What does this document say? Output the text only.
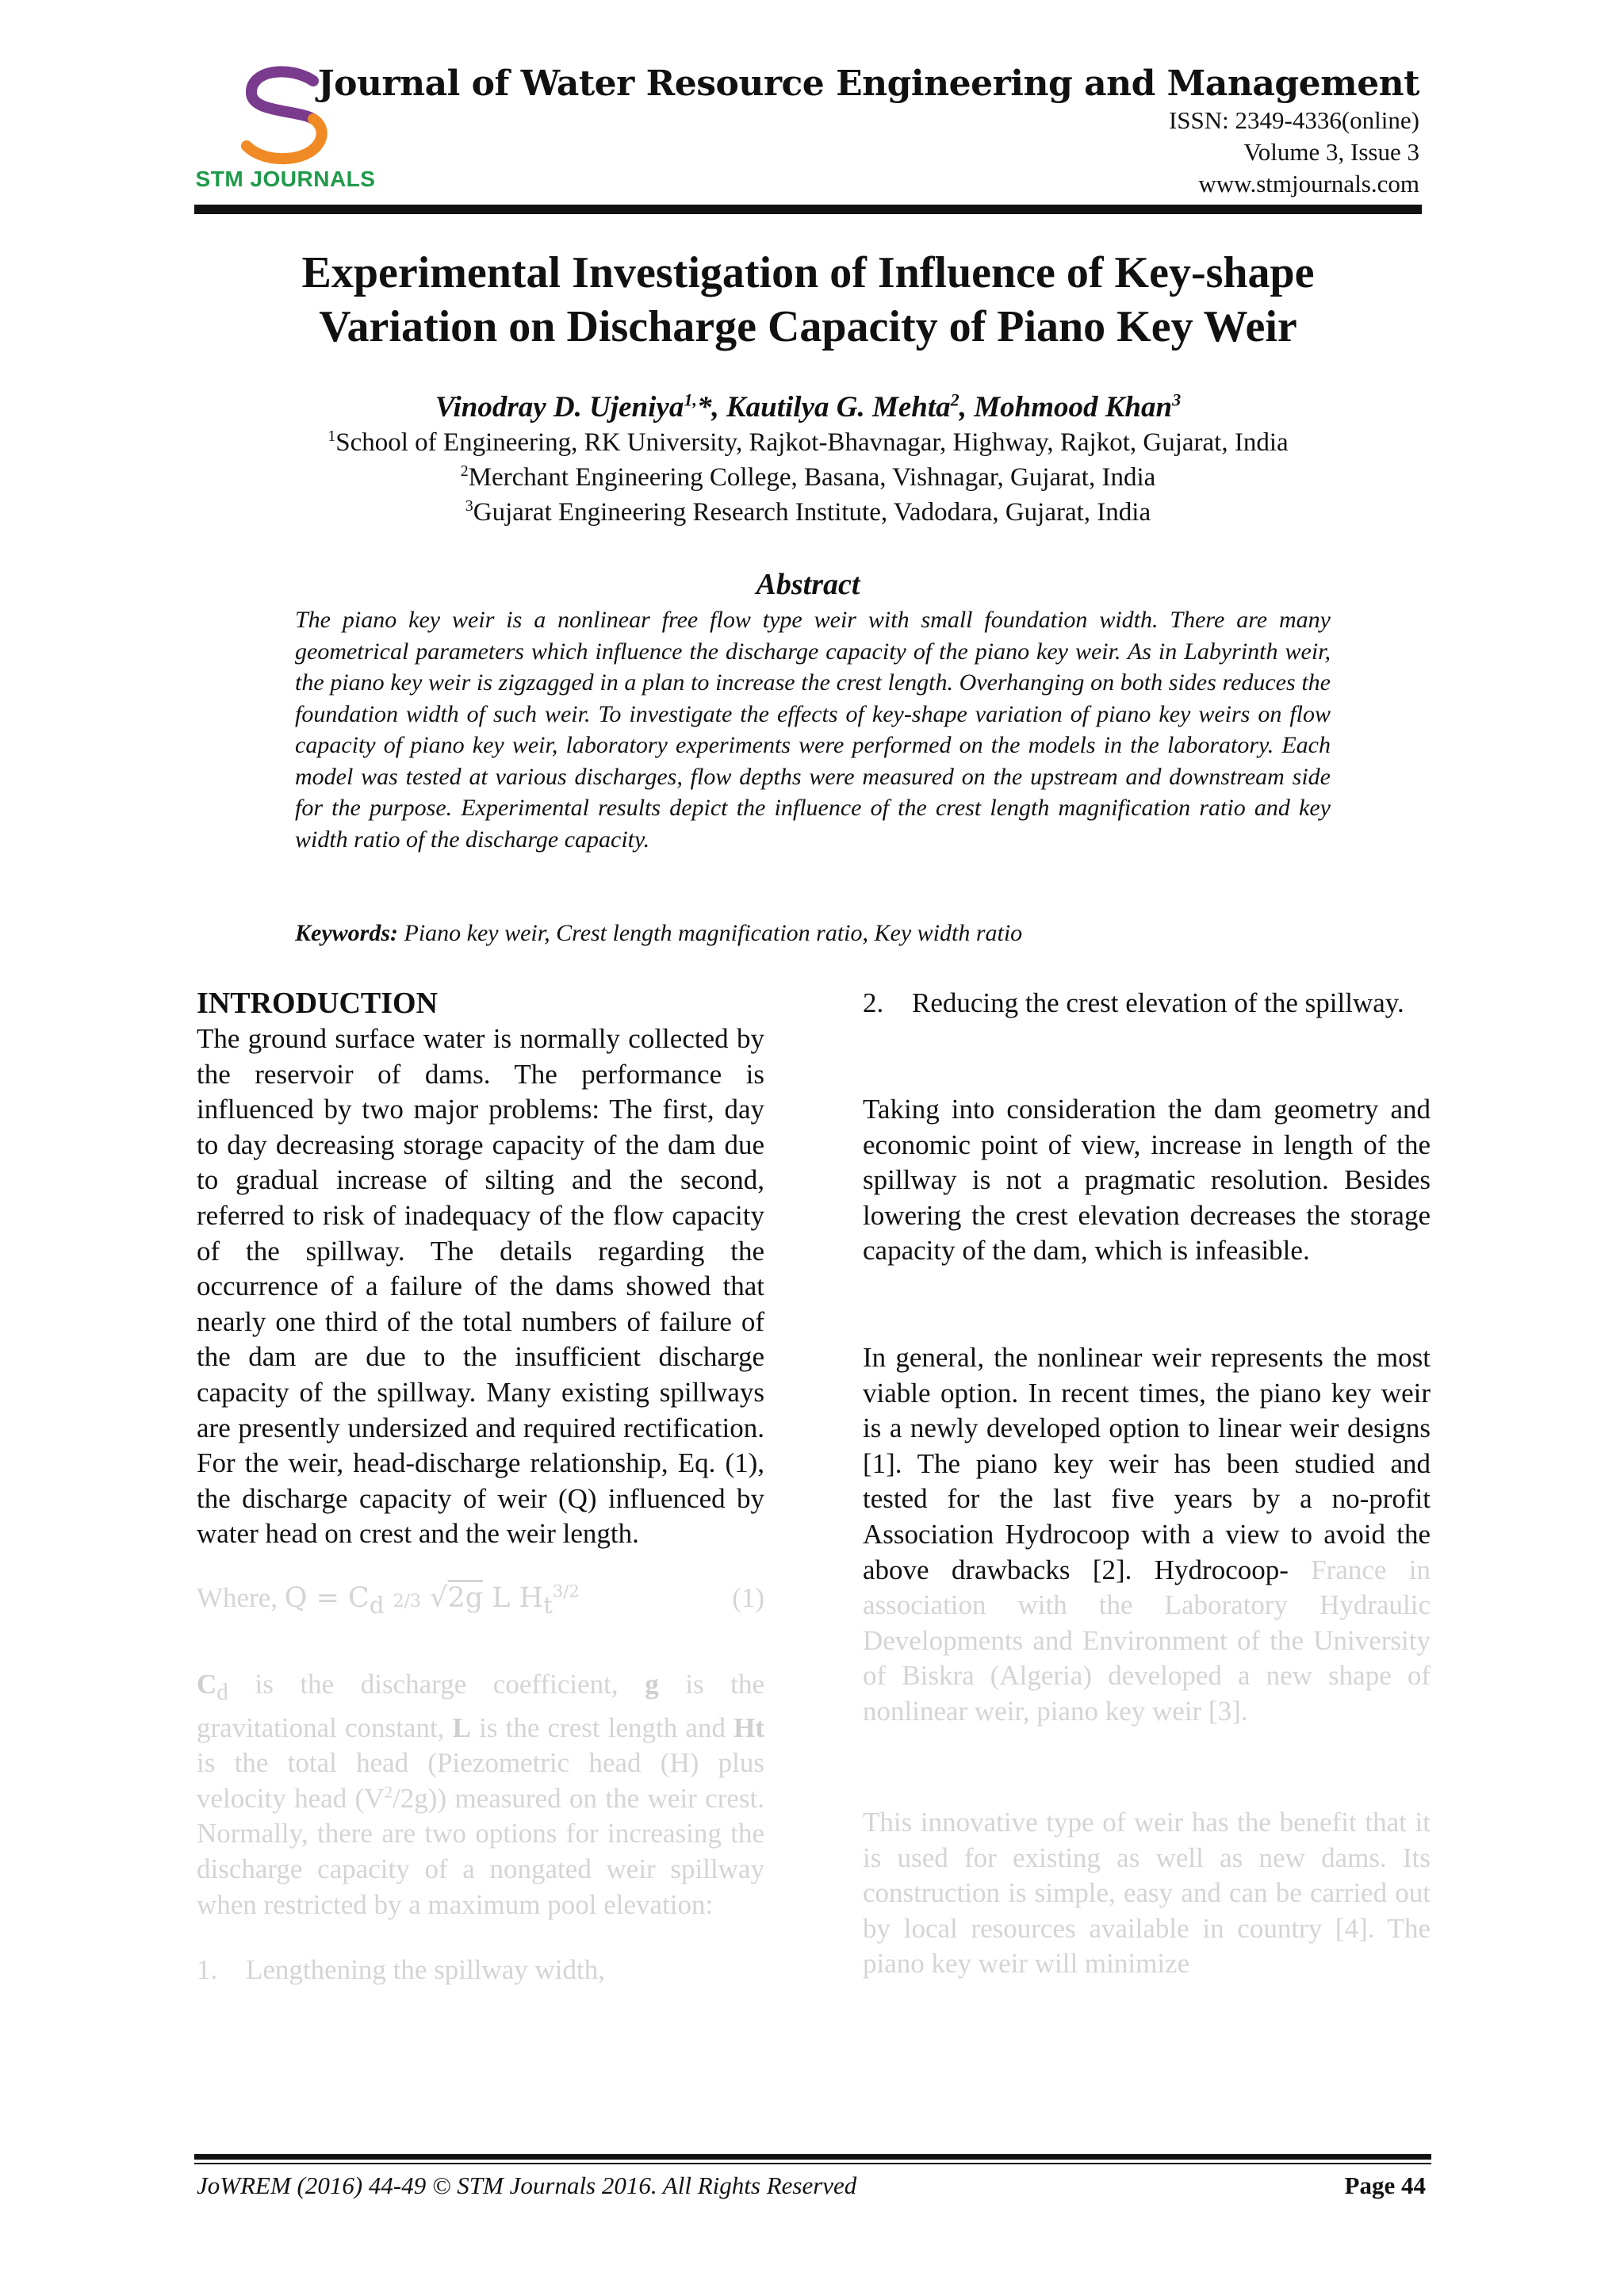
STM JOURNALS
Journal of Water Resource Engineering and Management
ISSN: 2349-4336(online)
Volume 3, Issue 3
www.stmjournals.com
Experimental Investigation of Influence of Key-shape
Variation on Discharge Capacity of Piano Key Weir
Vinodray D. Ujeniya$^{1,}$*, Kautilya G. Mehta$^2$, Mohmood Khan$^3$
$^1$School of Engineering, RK University, Rajkot-Bhavnagar, Highway, Rajkot, Gujarat, India
$^2$Merchant Engineering College, Basana, Vishnagar, Gujarat, India
$^3$Gujarat Engineering Research Institute, Vadodara, Gujarat, India
Abstract
The piano key weir is a nonlinear free flow type weir with small foundation width. There are many geometrical parameters which influence the discharge capacity of the piano key weir. As in Labyrinth weir, the piano key weir is zigzagged in a plan to increase the crest length. Overhanging on both sides reduces the foundation width of such weir. To investigate the effects of key-shape variation of piano key weirs on flow capacity of piano key weir, laboratory experiments were performed on the models in the laboratory. Each model was tested at various discharges, flow depths were measured on the upstream and downstream side for the purpose. Experimental results depict the influence of the crest length magnification ratio and key width ratio of the discharge capacity.
Keywords: Piano key weir, Crest length magnification ratio, Key width ratio
INTRODUCTION
The ground surface water is normally collected by the reservoir of dams. The performance is influenced by two major problems: The first, day to day decreasing storage capacity of the dam due to gradual increase of silting and the second, referred to risk of inadequacy of the flow capacity of the spillway. The details regarding the occurrence of a failure of the dams showed that nearly one third of the total numbers of failure of the dam are due to the insufficient discharge capacity of the spillway. Many existing spillways are presently undersized and required rectification. For the weir, head-discharge relationship, Eq. (1), the discharge capacity of weir (Q) influenced by water head on crest and the weir length.
Where, $Q = C_d$ 2/3 √2g L $H_t^{3/2}$	(1)
$C_d$ is the discharge coefficient, g is the gravitational constant, L is the crest length and Ht is the total head (Piezometric head (H) plus velocity head $(V^2/2g)$) measured on the weir crest. Normally, there are two options for increasing the discharge capacity of a nongated weir spillway when restricted by a maximum pool elevation:
1. Lengthening the spillway width,
2. Reducing the crest elevation of the spillway.
Taking into consideration the dam geometry and economic point of view, increase in length of the spillway is not a pragmatic resolution. Besides lowering the crest elevation decreases the storage capacity of the dam, which is infeasible.
In general, the nonlinear weir represents the most viable option. In recent times, the piano key weir is a newly developed option to linear weir designs [1]. The piano key weir has been studied and tested for the last five years by a no-profit Association Hydrocoop with a view to avoid the above drawbacks [2]. Hydrocoop- France in association with the Laboratory Hydraulic Developments and Environment of the University of Biskra (Algeria) developed a new shape of nonlinear weir, piano key weir [3].
This innovative type of weir has the benefit that it is used for existing as well as new dams. Its construction is simple, easy and can be carried out by local resources available in country [4]. The piano key weir will minimize
JoWREM (2016) 44-49 © STM Journals 2016. All Rights Reserved	Page 44
